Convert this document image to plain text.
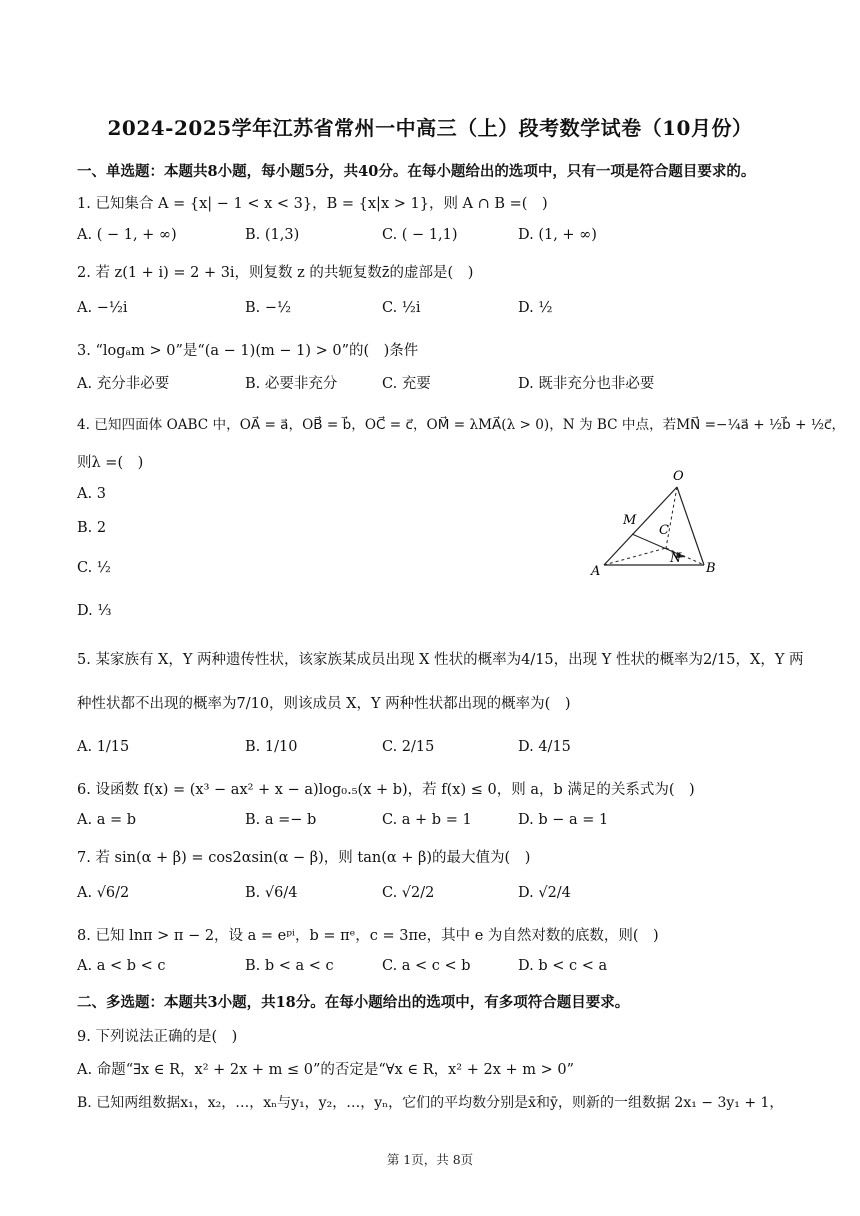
2024-2025学年江苏省常州一中高三（上）段考数学试卷（10月份）
一、单选题：本题共8小题，每小题5分，共40分。在每小题给出的选项中，只有一项是符合题目要求的。
1. 已知集合 A = {x| − 1 < x < 3}，B = {x|x > 1}，则 A ∩ B =(　)
A. ( − 1, + ∞)	B. (1,3)	C. ( − 1,1)	D. (1, + ∞)
2. 若 z(1 + i) = 2 + 3i，则复数 z 的共轭复数z̄的虚部是(　)
A. −½i	B. −½	C. ½i	D. ½
3. “logₐm > 0”是“(a − 1)(m − 1) > 0”的(　)条件
A. 充分非必要	B. 必要非充分	C. 充要	D. 既非充分也非必要
4. 已知四面体 OABC 中，OA⃗ = a⃗，OB⃗ = b⃗，OC⃗ = c⃗，OM⃗ = λMA⃗(λ > 0)，N 为 BC 中点，若MN⃗ =−¼a⃗ + ½b⃗ + ½c⃗，
则λ =(　)
A. 3
B. 2
C. ½
D. ⅓
O
M
C
N
A	B
5. 某家族有 X，Y 两种遗传性状，该家族某成员出现 X 性状的概率为4/15，出现 Y 性状的概率为2/15，X，Y 两
种性状都不出现的概率为7/10，则该成员 X，Y 两种性状都出现的概率为(　)
A. 1/15	B. 1/10	C. 2/15	D. 4/15
6. 设函数 f(x) = (x³ − ax² + x − a)log₀.₅(x + b)，若 f(x) ≤ 0，则 a，b 满足的关系式为(　)
A. a = b	B. a =− b	C. a + b = 1	D. b − a = 1
7. 若 sin(α + β) = cos2αsin(α − β)，则 tan(α + β)的最大值为(　)
A. √6/2	B. √6/4	C. √2/2	D. √2/4
8. 已知 lnπ > π − 2，设 a = eᵖⁱ，b = πᵉ，c = 3πe，其中 e 为自然对数的底数，则(　)
A. a < b < c	B. b < a < c	C. a < c < b	D. b < c < a
二、多选题：本题共3小题，共18分。在每小题给出的选项中，有多项符合题目要求。
9. 下列说法正确的是(　)
A. 命题“∃x ∈ R，x² + 2x + m ≤ 0”的否定是“∀x ∈ R，x² + 2x + m > 0”
B. 已知两组数据x₁，x₂，…，xₙ与y₁，y₂，…，yₙ，它们的平均数分别是x̄和ȳ，则新的一组数据 2x₁ − 3y₁ + 1，
第 1页，共 8页
